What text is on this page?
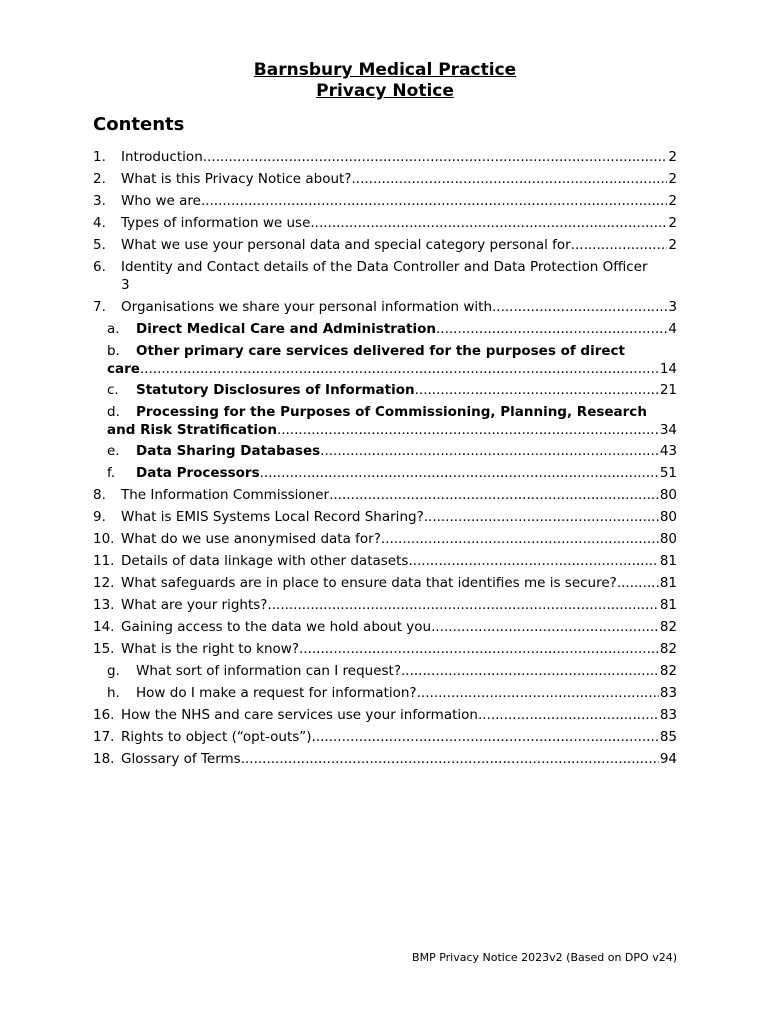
Barnsbury Medical Practice
Privacy Notice
Contents
1.	Introduction .....	2
2.	What is this Privacy Notice about? .....	2
3.	Who we are .....	2
4.	Types of information we use .....	2
5.	What we use your personal data and special category personal for .....	2
6.	Identity and Contact details of the Data Controller and Data Protection Officer
3
7.	Organisations we share your personal information with .....	3
a.	Direct Medical Care and Administration .....	4
b.	Other primary care services delivered for the purposes of direct
care .....	14
c.	Statutory Disclosures of Information .....	21
d.	Processing for the Purposes of Commissioning, Planning, Research
and Risk Stratification .....	34
e.	Data Sharing Databases .....	43
f.	Data Processors .....	51
8.	The Information Commissioner .....	80
9.	What is EMIS Systems Local Record Sharing? .....	80
10. What do we use anonymised data for? .....	80
11. Details of data linkage with other datasets .....	81
12. What safeguards are in place to ensure data that identifies me is secure? .....	81
13. What are your rights? .....	81
14. Gaining access to the data we hold about you .....	82
15. What is the right to know? .....	82
g.	What sort of information can I request? .....	82
h.	How do I make a request for information? .....	83
16. How the NHS and care services use your information .....	83
17. Rights to object (“opt-outs”) .....	85
18. Glossary of Terms .....	94
BMP Privacy Notice 2023v2 (Based on DPO v24)
